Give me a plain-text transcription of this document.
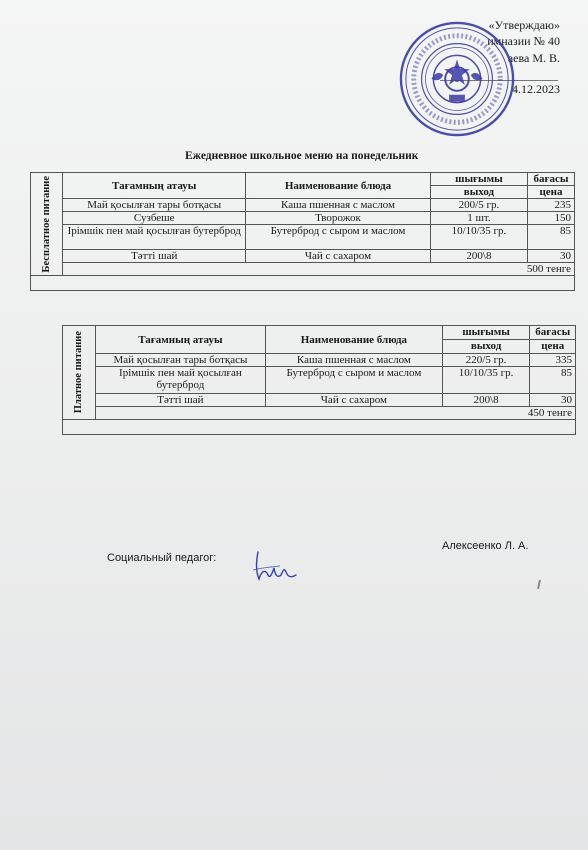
«Утверждаю»
имназии № 40
аева М. В.
4.12.2023
Ежедневное школьное меню на понедельник
Бесплатное питание	Тағамның атауы	Наименование блюда	шығымы	бағасы
			выход	цена
	Май қосылған тары ботқасы	Каша пшенная с маслом	200/5 гр.	235
	Сузбеше	Творожок	1 шт.	150
	Ірімшік пен май қосылған бутерброд	Бутерброд с сыром и маслом	10/10/35 гр.	85
	Тәтті шай	Чай с сахаром	200\8	30
	500 тенге			

Платное питание	Тағамның атауы	Наименование блюда	шығымы	бағасы
			выход	цена
	Май қосылған тары ботқасы	Каша пшенная с маслом	220/5 гр.	335
	Ірімшік пен май қосылған бутерброд	Бутерброд с сыром и маслом	10/10/35 гр.	85
	Тәтті шай	Чай с сахаром	200\8	30
	450 тенге			

Социальный педагог:
Алексеенко Л. А.
